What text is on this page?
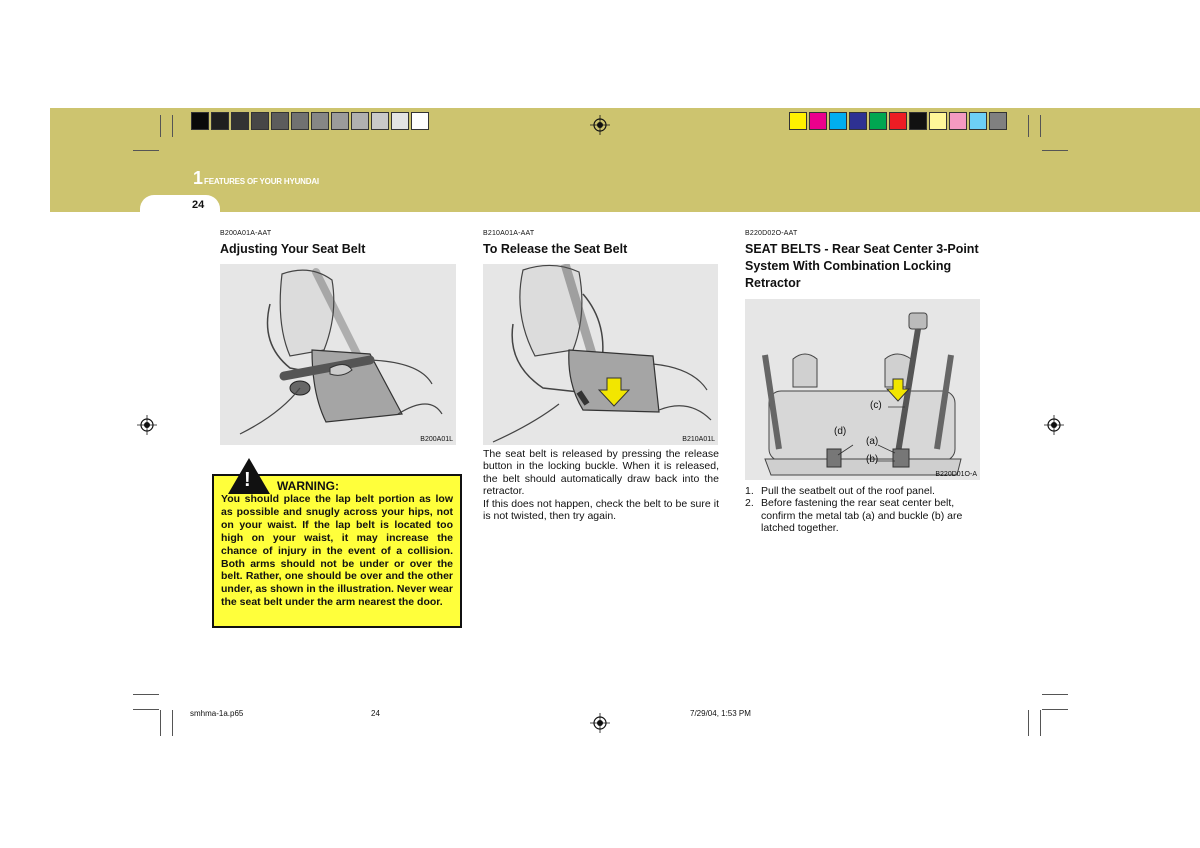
1 FEATURES OF YOUR HYUNDAI
24
B200A01A-AAT
Adjusting Your Seat Belt
B200A01L
! WARNING:
You should place the lap belt portion as low as possible and snugly across your hips, not on your waist. If the lap belt is located too high on your waist, it may increase the chance of injury in the event of a collision. Both arms should not be under or over the belt. Rather, one should be over and the other under, as shown in the illustration. Never wear the seat belt under the arm nearest the door.
B210A01A-AAT
To Release the Seat Belt
B210A01L
The seat belt is released by pressing the release button in the locking buckle. When it is released, the belt should automatically draw back into the retractor.
If this does not happen, check the belt to be sure it is not twisted, then try again.
B220D02O-AAT
SEAT BELTS - Rear Seat Center 3-Point System With Combination Locking Retractor
(c)
(d)
(a)
(b)
B220D01O-A
1. Pull the seatbelt out of the roof panel.
2. Before fastening the rear seat center belt, confirm the metal tab (a) and buckle (b) are latched together.
smhma-1a.p65	24	7/29/04, 1:53 PM
